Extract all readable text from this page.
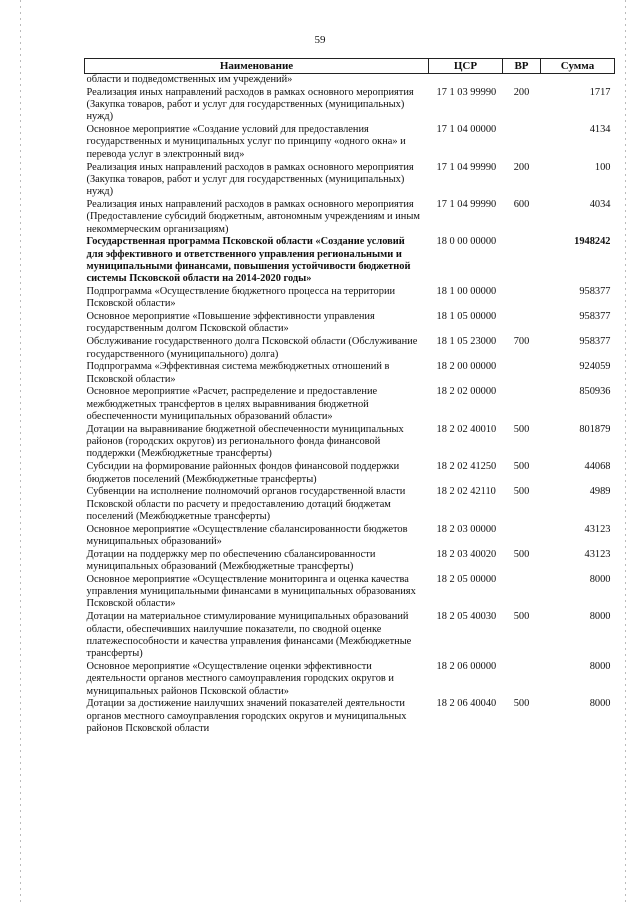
59
Наименование	ЦСР	ВР	Сумма
области и подведомственных им учреждений»			
Реализация иных направлений расходов в рамках основного мероприятия (Закупка товаров, работ и услуг для государственных (муниципальных) нужд)	17 1 03 99990	200	1717
Основное мероприятие «Создание условий для предоставления государственных и муниципальных услуг по принципу «одного окна» и перевода услуг в электронный вид»	17 1 04 00000		4134
Реализация иных направлений расходов в рамках основного мероприятия (Закупка товаров, работ и услуг для государственных (муниципальных) нужд)	17 1 04 99990	200	100
Реализация иных направлений расходов в рамках основного мероприятия (Предоставление субсидий бюджетным, автономным учреждениям и иным некоммерческим организациям)	17 1 04 99990	600	4034
Государственная программа Псковской области «Создание условий для эффективного и ответственного управления региональными и муниципальными финансами, повышения устойчивости бюджетной системы Псковской области на 2014-2020 годы»	18 0 00 00000		1948242
Подпрограмма «Осуществление бюджетного процесса на территории Псковской области»	18 1 00 00000		958377
Основное мероприятие «Повышение эффективности управления государственным долгом Псковской области»	18 1 05 00000		958377
Обслуживание государственного долга Псковской области (Обслуживание государственного (муниципального) долга)	18 1 05 23000	700	958377
Подпрограмма «Эффективная система межбюджетных отношений в Псковской области»	18 2 00 00000		924059
Основное мероприятие «Расчет, распределение и предоставление межбюджетных трансфертов в целях выравнивания бюджетной обеспеченности муниципальных образований области»	18 2 02 00000		850936
Дотации на выравнивание бюджетной обеспеченности муниципальных районов (городских округов) из регионального фонда финансовой поддержки (Межбюджетные трансферты)	18 2 02 40010	500	801879
Субсидии на формирование районных фондов финансовой поддержки бюджетов поселений (Межбюджетные трансферты)	18 2 02 41250	500	44068
Субвенции на исполнение полномочий органов государственной власти Псковской области по расчету и предоставлению дотаций бюджетам поселений (Межбюджетные трансферты)	18 2 02 42110	500	4989
Основное мероприятие «Осуществление сбалансированности бюджетов муниципальных образований»	18 2 03 00000		43123
Дотации на поддержку мер по обеспечению сбалансированности муниципальных образований (Межбюджетные трансферты)	18 2 03 40020	500	43123
Основное мероприятие «Осуществление мониторинга и оценка качества управления муниципальными финансами в муниципальных образованиях Псковской области»	18 2 05 00000		8000
Дотации на материальное стимулирование муниципальных образований области, обеспечивших наилучшие показатели, по сводной оценке платежеспособности и качества управления финансами (Межбюджетные трансферты)	18 2 05 40030	500	8000
Основное мероприятие «Осуществление оценки эффективности деятельности органов местного самоуправления городских округов и муниципальных районов Псковской области»	18 2 06 00000		8000
Дотации за достижение наилучших значений показателей деятельности органов местного самоуправления городских округов и муниципальных районов Псковской области	18 2 06 40040	500	8000
